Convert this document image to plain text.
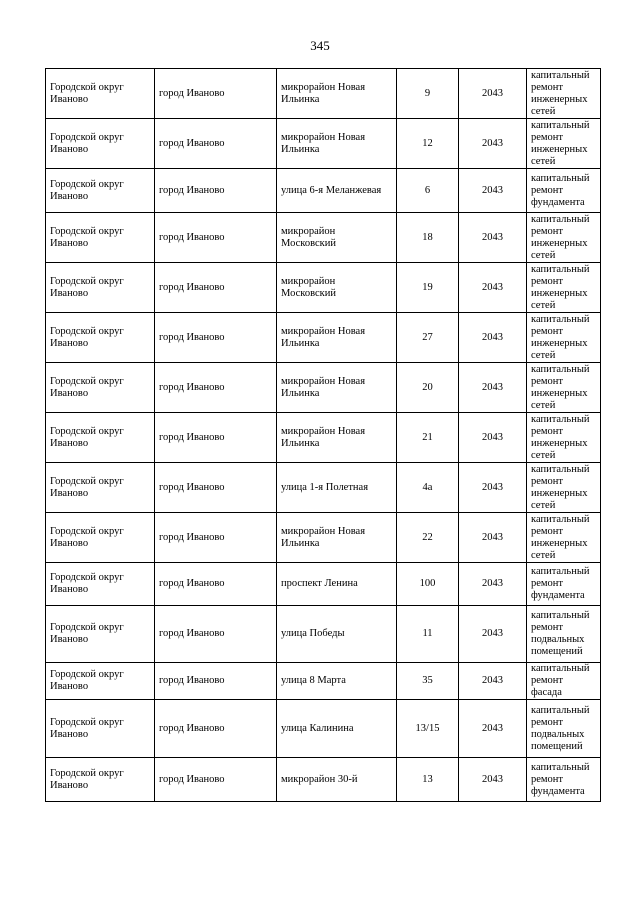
345
Городской округ Иваново	город Иваново	микрорайон Новая Ильинка	9	2043	капитальный ремонт инженерных сетей
Городской округ Иваново	город Иваново	микрорайон Новая Ильинка	12	2043	капитальный ремонт инженерных сетей
Городской округ Иваново	город Иваново	улица 6-я Меланжевая	6	2043	капитальный ремонт фундамента
Городской округ Иваново	город Иваново	микрорайон Московский	18	2043	капитальный ремонт инженерных сетей
Городской округ Иваново	город Иваново	микрорайон Московский	19	2043	капитальный ремонт инженерных сетей
Городской округ Иваново	город Иваново	микрорайон Новая Ильинка	27	2043	капитальный ремонт инженерных сетей
Городской округ Иваново	город Иваново	микрорайон Новая Ильинка	20	2043	капитальный ремонт инженерных сетей
Городской округ Иваново	город Иваново	микрорайон Новая Ильинка	21	2043	капитальный ремонт инженерных сетей
Городской округ Иваново	город Иваново	улица 1-я Полетная	4а	2043	капитальный ремонт инженерных сетей
Городской округ Иваново	город Иваново	микрорайон Новая Ильинка	22	2043	капитальный ремонт инженерных сетей
Городской округ Иваново	город Иваново	проспект Ленина	100	2043	капитальный ремонт фундамента
Городской округ Иваново	город Иваново	улица Победы	11	2043	капитальный ремонт подвальных помещений
Городской округ Иваново	город Иваново	улица 8 Марта	35	2043	капитальный ремонт фасада
Городской округ Иваново	город Иваново	улица Калинина	13/15	2043	капитальный ремонт подвальных помещений
Городской округ Иваново	город Иваново	микрорайон 30-й	13	2043	капитальный ремонт фундамента
